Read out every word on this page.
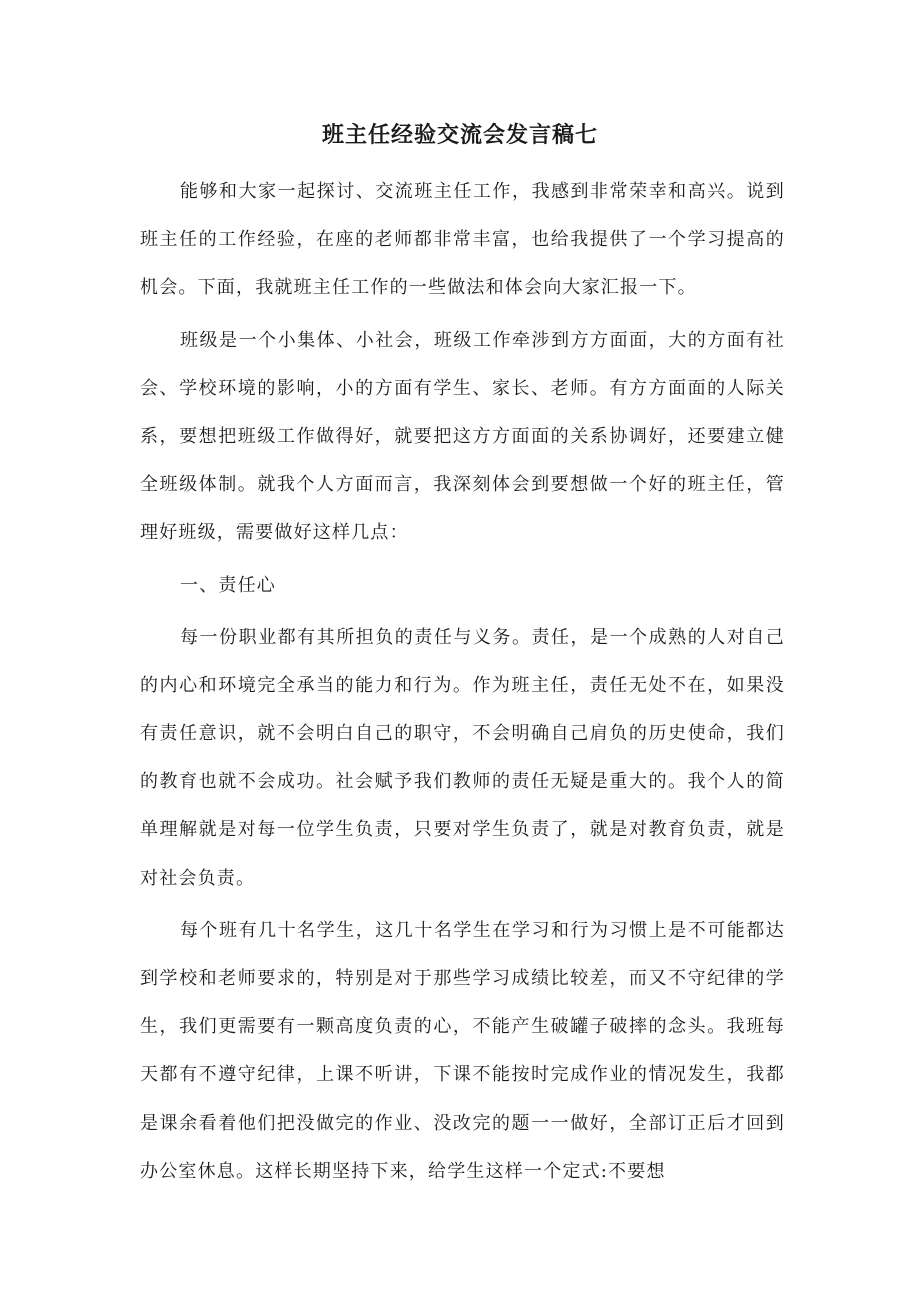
班主任经验交流会发言稿七

能够和大家一起探讨、交流班主任工作，我感到非常荣幸和高兴。说到班主任的工作经验，在座的老师都非常丰富，也给我提供了一个学习提高的机会。下面，我就班主任工作的一些做法和体会向大家汇报一下。

班级是一个小集体、小社会，班级工作牵涉到方方面面，大的方面有社会、学校环境的影响，小的方面有学生、家长、老师。有方方面面的人际关系，要想把班级工作做得好，就要把这方方面面的关系协调好，还要建立健全班级体制。就我个人方面而言，我深刻体会到要想做一个好的班主任，管理好班级，需要做好这样几点：

一、责任心

每一份职业都有其所担负的责任与义务。责任，是一个成熟的人对自己的内心和环境完全承当的能力和行为。作为班主任，责任无处不在，如果没有责任意识，就不会明白自己的职守，不会明确自己肩负的历史使命，我们的教育也就不会成功。社会赋予我们教师的责任无疑是重大的。我个人的简单理解就是对每一位学生负责，只要对学生负责了，就是对教育负责，就是对社会负责。

每个班有几十名学生，这几十名学生在学习和行为习惯上是不可能都达到学校和老师要求的，特别是对于那些学习成绩比较差，而又不守纪律的学生，我们更需要有一颗高度负责的心，不能产生破罐子破摔的念头。我班每天都有不遵守纪律，上课不听讲，下课不能按时完成作业的情况发生，我都是课余看着他们把没做完的作业、没改完的题一一做好，全部订正后才回到办公室休息。这样长期坚持下来，给学生这样一个定式:不要想
